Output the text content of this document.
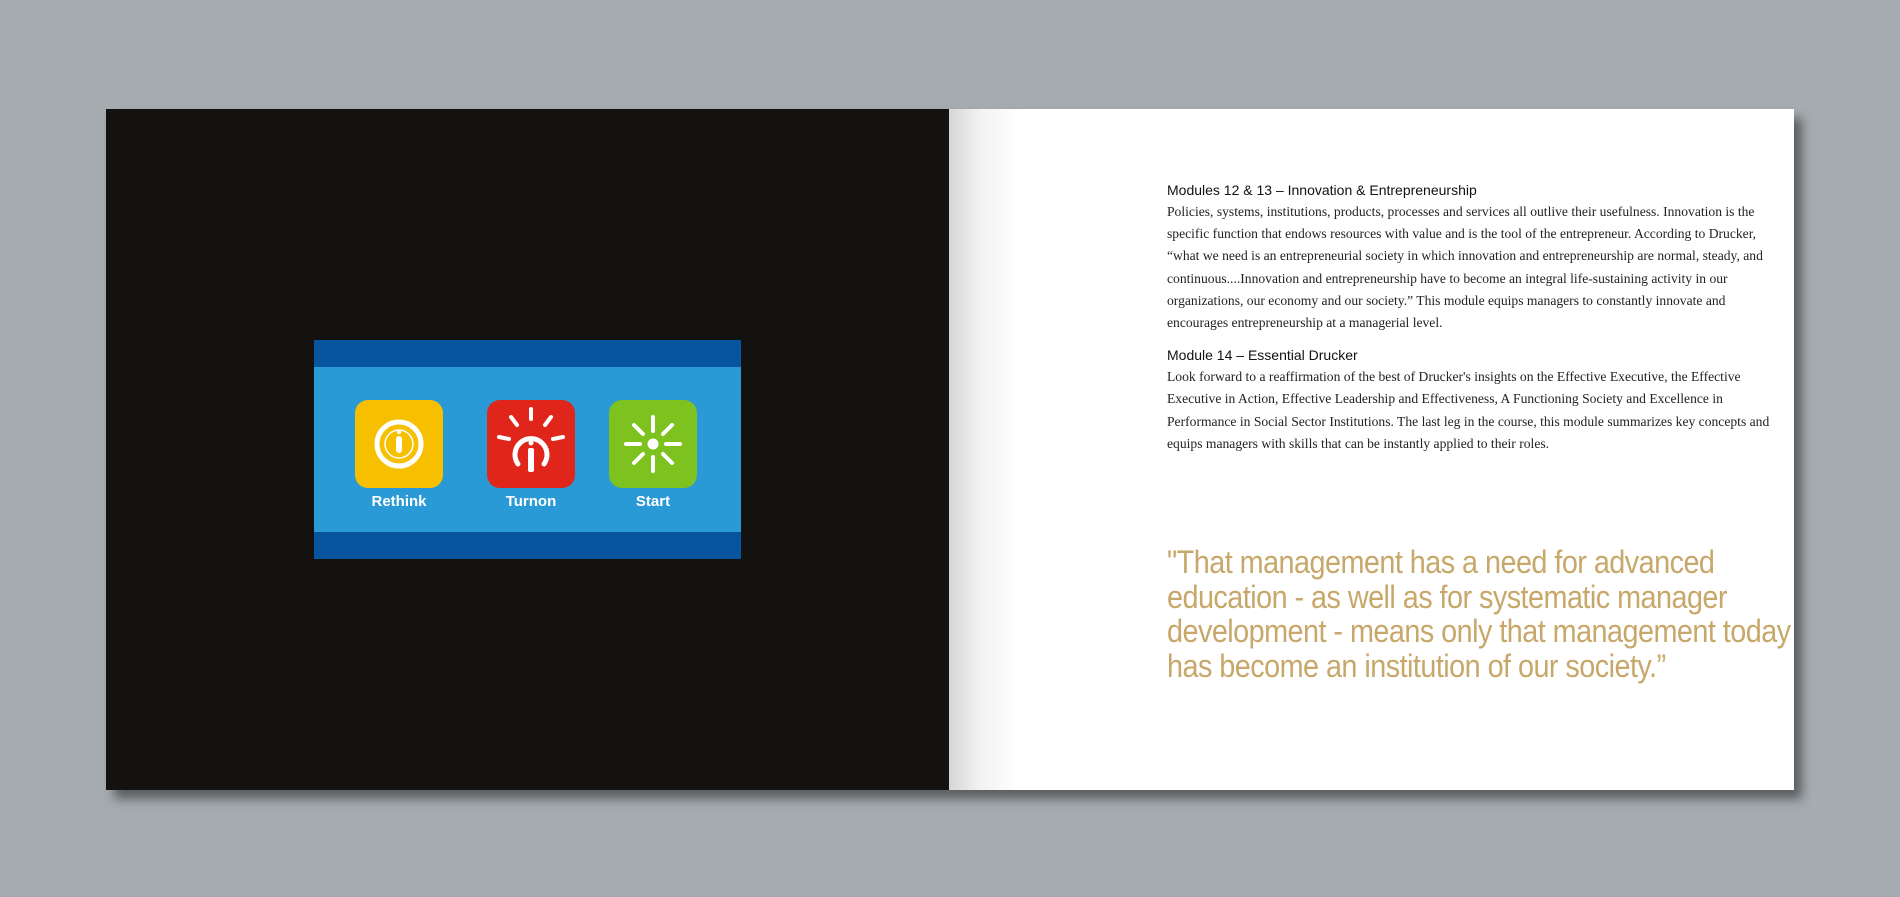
Rethink	Turnon	Start
Modules 12 & 13 – Innovation & Entrepreneurship

Policies, systems, institutions, products, processes and services all outlive their usefulness. Innovation is the specific function that endows resources with value and is the tool of the entrepreneur. According to Drucker, “what we need is an entrepreneurial society in which innovation and entrepreneurship are normal, steady, and continuous....Innovation and entrepreneurship have to become an integral life-sustaining activity in our organizations, our economy and our society.” This module equips managers to constantly innovate and encourages entrepreneurship at a managerial level.

Module 14 – Essential Drucker

Look forward to a reaffirmation of the best of Drucker's insights on the Effective Executive, the Effective Executive in Action, Effective Leadership and Effectiveness, A Functioning Society and Excellence in Performance in Social Sector Institutions. The last leg in the course, this module summarizes key concepts and equips managers with skills that can be instantly applied to their roles.

"That management has a need for advanced education - as well as for systematic manager development - means only that management today has become an institution of our society.”
